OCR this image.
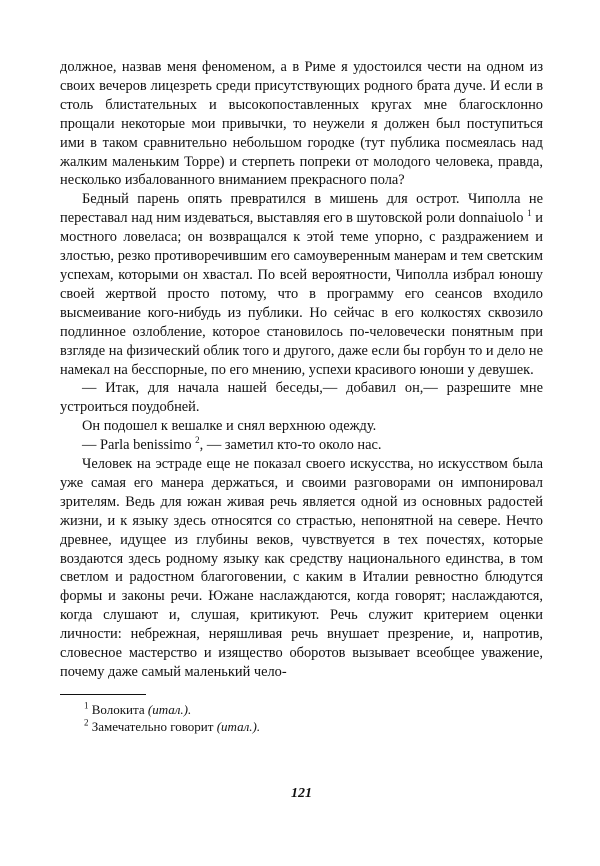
должное, назвав меня феноменом, а в Риме я удостоился чести на одном из своих вечеров лицезреть среди присутствующих родного брата дуче. И если в столь блистательных и высокопоставленных кругах мне благосклонно прощали некоторые мои привычки, то неужели я должен был поступиться ими в таком сравнительно небольшом городке (тут публика посмеялась над жалким маленьким Торре) и стерпеть попреки от молодого человека, правда, несколько избалованного вниманием прекрасного пола?

Бедный парень опять превратился в мишень для острот. Чиполла не переставал над ним издеваться, выставляя его в шутовской роли donnaiuolo $^1$ и мостного ловеласа; он возвращался к этой теме упорно, с раздражением и злостью, резко противоречившим его самоуверенным манерам и тем светским успехам, которыми он хвастал. По всей вероятности, Чиполла избрал юношу своей жертвой просто потому, что в программу его сеансов входило высмеивание кого-нибудь из публики. Но сейчас в его колкостях сквозило подлинное озлобление, которое становилось по-человечески понятным при взгляде на физический облик того и другого, даже если бы горбун то и дело не намекал на бесспорные, по его мнению, успехи красивого юноши у девушек.

— Итак, для начала нашей беседы,— добавил он,— разрешите мне устроиться поудобней.

Он подошел к вешалке и снял верхнюю одежду.

— Parla benissimo $^2$, — заметил кто-то около нас.

Человек на эстраде еще не показал своего искусства, но искусством была уже самая его манера держаться, и своими разговорами он импонировал зрителям. Ведь для южан живая речь является одной из основных радостей жизни, и к языку здесь относятся со страстью, непонятной на севере. Нечто древнее, идущее из глубины веков, чувствуется в тех почестях, которые воздаются здесь родному языку как средству национального единства, в том светлом и радостном благоговении, с каким в Италии ревностно блюдутся формы и законы речи. Южане наслаждаются, когда говорят; наслаждаются, когда слушают и, слушая, критикуют. Речь служит критерием оценки личности: небрежная, неряшливая речь внушает презрение, и, напротив, словесное мастерство и изящество оборотов вызывает всеобщее уважение, почему даже самый маленький чело-

$^1$ Волокита (итал.).

$^2$ Замечательно говорит (итал.).

121
